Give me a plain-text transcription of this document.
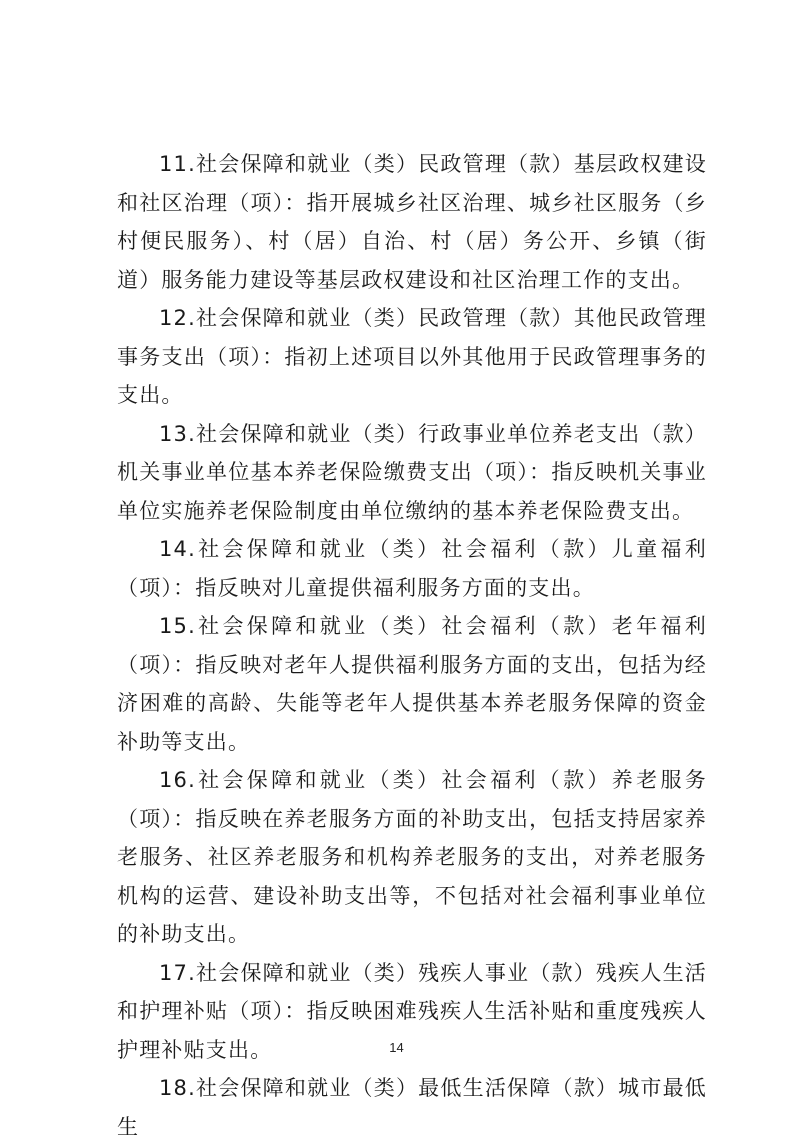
11.社会保障和就业（类）民政管理（款）基层政权建设和社区治理（项）：指开展城乡社区治理、城乡社区服务（乡村便民服务）、村（居）自治、村（居）务公开、乡镇（街道）服务能力建设等基层政权建设和社区治理工作的支出。

12.社会保障和就业（类）民政管理（款）其他民政管理事务支出（项）：指初上述项目以外其他用于民政管理事务的支出。

13.社会保障和就业（类）行政事业单位养老支出（款） 机关事业单位基本养老保险缴费支出（项）：指反映机关事业单位实施养老保险制度由单位缴纳的基本养老保险费支出。

14.社会保障和就业（类）社会福利（款）儿童福利（项）：指反映对儿童提供福利服务方面的支出。

15.社会保障和就业（类）社会福利（款）老年福利（项）：指反映对老年人提供福利服务方面的支出，包括为经济困难的高龄、失能等老年人提供基本养老服务保障的资金补助等支出。

16.社会保障和就业（类）社会福利（款）养老服务（项）：指反映在养老服务方面的补助支出，包括支持居家养老服务、社区养老服务和机构养老服务的支出，对养老服务机构的运营、建设补助支出等，不包括对社会福利事业单位的补助支出。

17.社会保障和就业（类）残疾人事业（款）残疾人生活和护理补贴（项）：指反映困难残疾人生活补贴和重度残疾人护理补贴支出。

18.社会保障和就业（类）最低生活保障（款）城市最低生

14
